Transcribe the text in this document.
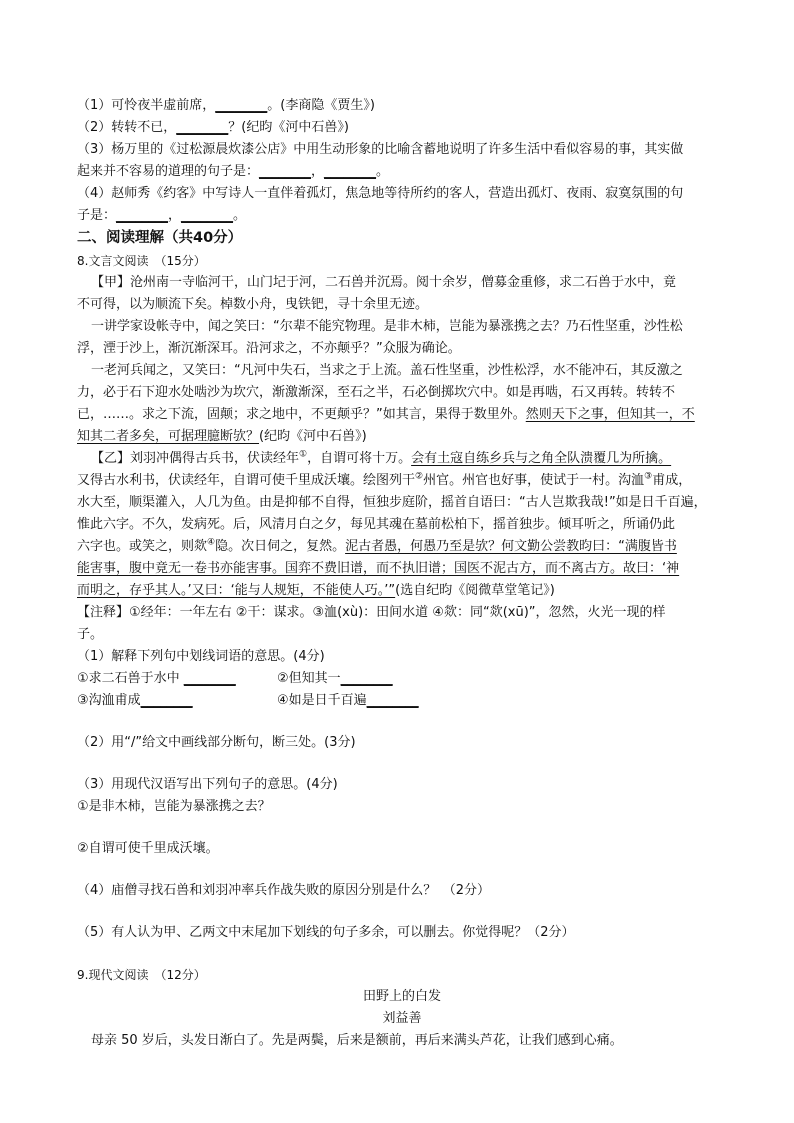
（1）可怜夜半虚前席，________。(李商隐《贾生》)
（2）转转不已，________？(纪昀《河中石兽》)
（3）杨万里的《过松源晨炊漆公店》中用生动形象的比喻含蓄地说明了许多生活中看似容易的事，其实做
起来并不容易的道理的句子是：________，________。
（4）赵师秀《约客》中写诗人一直伴着孤灯，焦急地等待所约的客人，营造出孤灯、夜雨、寂寞氛围的句
子是：________，________。
二、阅读理解（共40分）
8.文言文阅读　（15分）
【甲】沧州南一寺临河干，山门圮于河，二石兽并沉焉。阅十余岁，僧募金重修，求二石兽于水中，竟
不可得，以为顺流下矣。棹数小舟，曳铁钯，寻十余里无迹。
一讲学家设帐寺中，闻之笑曰：“尔辈不能究物理。是非木柿，岂能为暴涨携之去？乃石性坚重，沙性松
浮，湮于沙上，渐沉渐深耳。沿河求之，不亦颠乎？”众服为确论。
一老河兵闻之，又笑曰：“凡河中失石，当求之于上流。盖石性坚重，沙性松浮，水不能冲石，其反激之
力，必于石下迎水处啮沙为坎穴，渐激渐深，至石之半，石必倒掷坎穴中。如是再啮，石又再转。转转不
已，……。求之下流，固颠；求之地中，不更颠乎？”如其言，果得于数里外。然则天下之事，但知其一，不
知其二者多矣，可据理臆断欤？(纪昀《河中石兽》)
【乙】刘羽冲偶得古兵书，伏读经年①，自谓可将十万。会有土寇自练乡兵与之角全队溃覆几为所擒。
又得古水利书，伏读经年，自谓可使千里成沃壤。绘图列干②州官。州官也好事，使试于一村。沟洫③甫成，
水大至，顺渠灌入，人几为鱼。由是抑郁不自得，恒独步庭阶，摇首自语曰：“古人岂欺我哉!”如是日千百遍，
惟此六字。不久，发病死。后，风清月白之夕，每见其魂在墓前松柏下，摇首独步。倾耳听之，所诵仍此
六字也。或笑之，则欻④隐。次日伺之，复然。泥古者愚，何愚乃至是欤？何文勤公尝教昀曰：“满腹皆书
能害事，腹中竟无一卷书亦能害事。国弈不费旧谱，而不执旧谱；国医不泥古方，而不离古方。故曰：‘神
而明之，存乎其人。’又曰：‘能与人规矩，不能使人巧。’”(选自纪昀《阅微草堂笔记》)
【注释】①经年：一年左右 ②干：谋求。③洫(xù)：田间水道 ④欻：同“欻(xū)”，忽然，火光一现的样
子。
（1）解释下列句中划线词语的意思。(4分)
①求二石兽于水中 ________	②但知其一________
③沟洫甫成________	④如是日千百遍________
（2）用“/”给文中画线部分断句，断三处。(3分)
（3）用现代汉语写出下列句子的意思。(4分)
①是非木柿，岂能为暴涨携之去？
②自谓可使千里成沃壤。
（4）庙僧寻找石兽和刘羽冲率兵作战失败的原因分别是什么？　（2分）
（5）有人认为甲、乙两文中末尾加下划线的句子多余，可以删去。你觉得呢？（2分）
9.现代文阅读　（12分）
田野上的白发
刘益善
母亲 50 岁后，头发日渐白了。先是两鬓，后来是额前，再后来满头芦花，让我们感到心痛。
